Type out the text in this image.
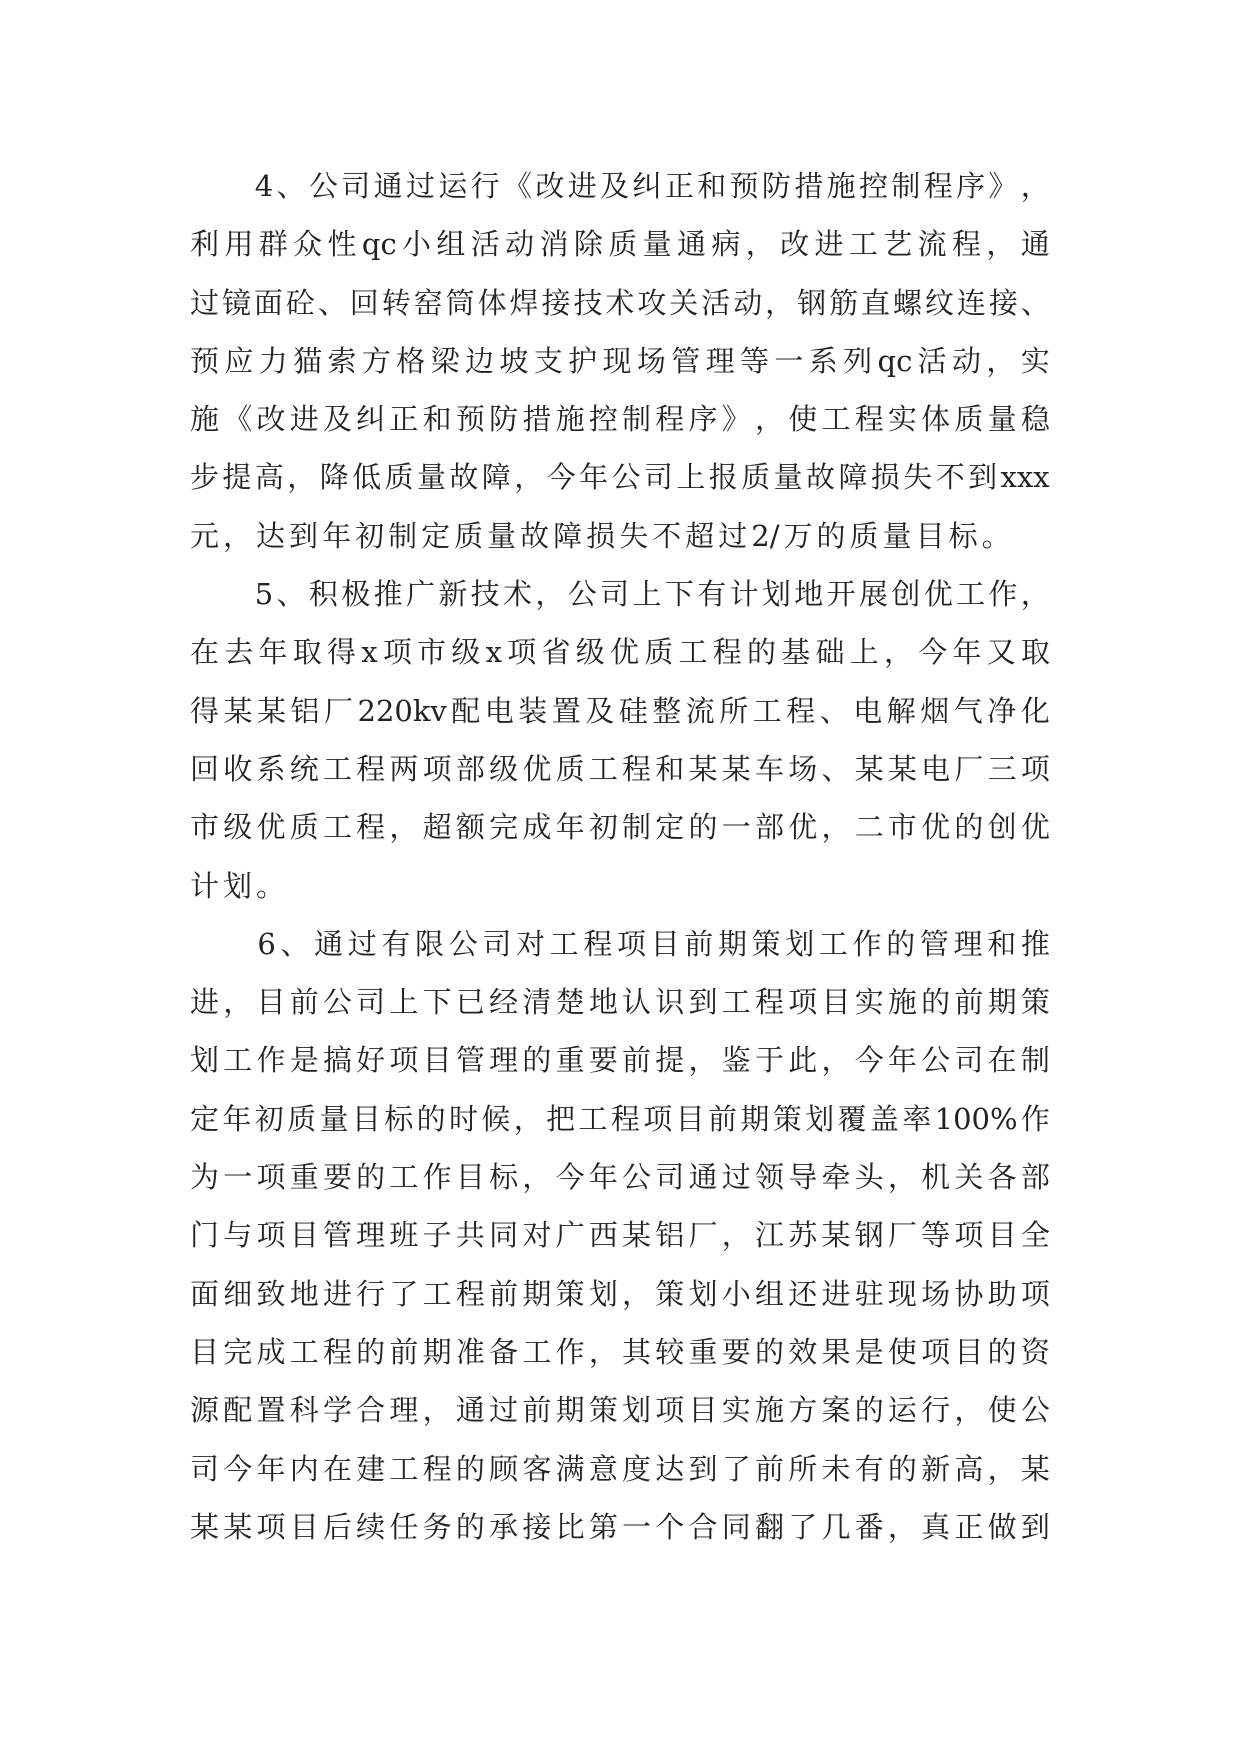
4 、 公 司 通 过 运 行 《 改 进 及 纠 正 和 预 防 措 施 控 制 程 序 》 ，
利 用 群 众 性 qc 小 组 活 动 消 除 质 量 通 病 ， 改 进 工 艺 流 程 ， 通
过 镜 面 砼 、 回 转 窑 筒 体 焊 接 技 术 攻 关 活 动 ， 钢 筋 直 螺 纹 连 接 、
预 应 力 猫 索 方 格 梁 边 坡 支 护 现 场 管 理 等 一 系 列 qc 活 动 ， 实
施 《 改 进 及 纠 正 和 预 防 措 施 控 制 程 序 》 ， 使 工 程 实 体 质 量 稳
步 提 高 ， 降 低 质 量 故 障 ， 今 年 公 司 上 报 质 量 故 障 损 失 不 到 xxx
元 ， 达 到 年 初 制 定 质 量 故 障 损 失 不 超 过 2/ 万 的 质 量 目 标 。

5 、 积 极 推 广 新 技 术 ， 公 司 上 下 有 计 划 地 开 展 创 优 工 作 ，
在 去 年 取 得 x 项 市 级 x 项 省 级 优 质 工 程 的 基 础 上 ， 今 年 又 取
得 某 某 铝 厂 220kv 配 电 装 置 及 硅 整 流 所 工 程 、 电 解 烟 气 净 化
回 收 系 统 工 程 两 项 部 级 优 质 工 程 和 某 某 车 场 、 某 某 电 厂 三 项
市 级 优 质 工 程 ， 超 额 完 成 年 初 制 定 的 一 部 优 ， 二 市 优 的 创 优
计 划 。

6 、 通 过 有 限 公 司 对 工 程 项 目 前 期 策 划 工 作 的 管 理 和 推
进 ， 目 前 公 司 上 下 已 经 清 楚 地 认 识 到 工 程 项 目 实 施 的 前 期 策
划 工 作 是 搞 好 项 目 管 理 的 重 要 前 提 ， 鉴 于 此 ， 今 年 公 司 在 制
定 年 初 质 量 目 标 的 时 候 ， 把 工 程 项 目 前 期 策 划 覆 盖 率 100% 作
为 一 项 重 要 的 工 作 目 标 ， 今 年 公 司 通 过 领 导 牵 头 ， 机 关 各 部
门 与 项 目 管 理 班 子 共 同 对 广 西 某 铝 厂 ， 江 苏 某 钢 厂 等 项 目 全
面 细 致 地 进 行 了 工 程 前 期 策 划 ， 策 划 小 组 还 进 驻 现 场 协 助 项
目 完 成 工 程 的 前 期 准 备 工 作 ， 其 较 重 要 的 效 果 是 使 项 目 的 资
源 配 置 科 学 合 理 ， 通 过 前 期 策 划 项 目 实 施 方 案 的 运 行 ， 使 公
司 今 年 内 在 建 工 程 的 顾 客 满 意 度 达 到 了 前 所 未 有 的 新 高 ， 某
某 某 项 目 后 续 任 务 的 承 接 比 第 一 个 合 同 翻 了 几 番 ， 真 正 做 到
